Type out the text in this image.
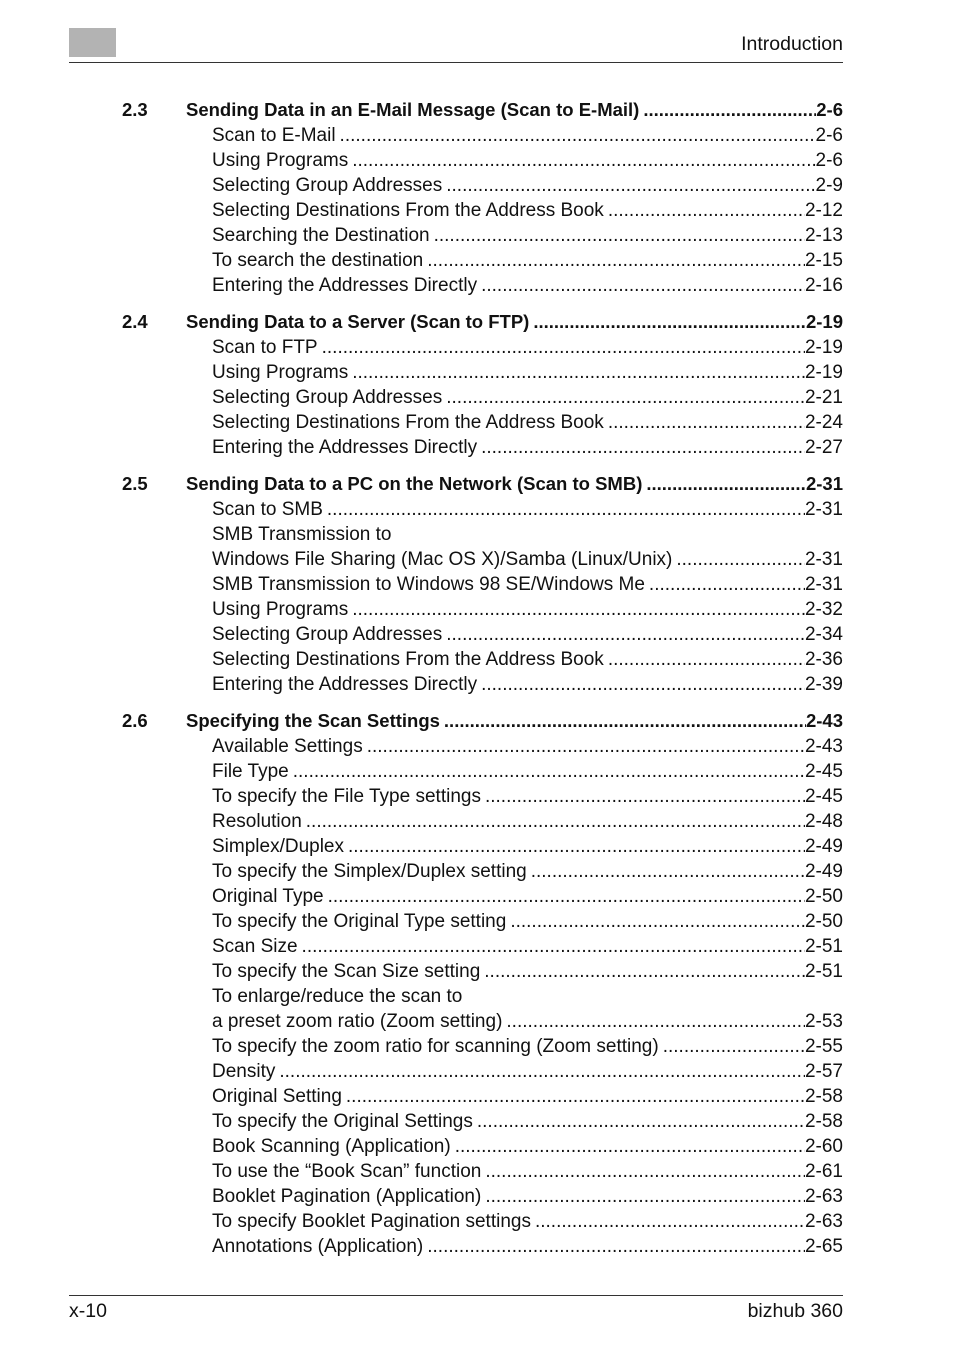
Introduction
2.3 Sending Data in an E-Mail Message (Scan to E-Mail) .....	2-6
Scan to E-Mail .....	2-6
Using Programs .....	2-6
Selecting Group Addresses .....	2-9
Selecting Destinations From the Address Book .....	2-12
Searching the Destination .....	2-13
To search the destination .....	2-15
Entering the Addresses Directly .....	2-16
2.4 Sending Data to a Server (Scan to FTP) .....	2-19
Scan to FTP .....	2-19
Using Programs .....	2-19
Selecting Group Addresses .....	2-21
Selecting Destinations From the Address Book .....	2-24
Entering the Addresses Directly .....	2-27
2.5 Sending Data to a PC on the Network (Scan to SMB) .....	2-31
Scan to SMB .....	2-31
SMB Transmission to
Windows File Sharing (Mac OS X)/Samba (Linux/Unix) .....	2-31
SMB Transmission to Windows 98 SE/Windows Me .....	2-31
Using Programs .....	2-32
Selecting Group Addresses .....	2-34
Selecting Destinations From the Address Book .....	2-36
Entering the Addresses Directly .....	2-39
2.6 Specifying the Scan Settings .....	2-43
Available Settings .....	2-43
File Type .....	2-45
To specify the File Type settings .....	2-45
Resolution .....	2-48
Simplex/Duplex .....	2-49
To specify the Simplex/Duplex setting .....	2-49
Original Type .....	2-50
To specify the Original Type setting .....	2-50
Scan Size .....	2-51
To specify the Scan Size setting .....	2-51
To enlarge/reduce the scan to
a preset zoom ratio (Zoom setting) .....	2-53
To specify the zoom ratio for scanning (Zoom setting) .....	2-55
Density .....	2-57
Original Setting .....	2-58
To specify the Original Settings .....	2-58
Book Scanning (Application) .....	2-60
To use the “Book Scan” function .....	2-61
Booklet Pagination (Application) .....	2-63
To specify Booklet Pagination settings .....	2-63
Annotations (Application) .....	2-65
x-10	bizhub 360
